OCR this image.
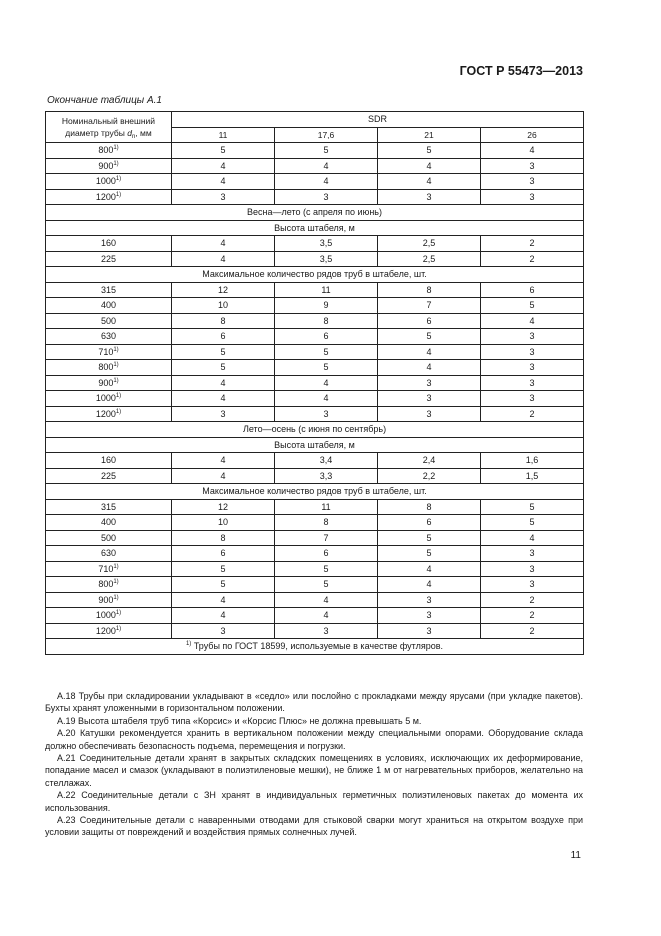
ГОСТ Р 55473—2013
Окончание таблицы А.1
Номинальный внешний
диаметр трубы $d_n$, мм	SDR			
	11	17,6	21	26
800$^{1)}$	5	5	5	4
900$^{1)}$	4	4	4	3
1000$^{1)}$	4	4	4	3
1200$^{1)}$	3	3	3	3
Весна—лето (с апреля по июнь)				
Высота штабеля, м				
160	4	3,5	2,5	2
225	4	3,5	2,5	2
Максимальное количество рядов труб в штабеле, шт.				
315	12	11	8	6
400	10	9	7	5
500	8	8	6	4
630	6	6	5	3
710$^{1)}$	5	5	4	3
800$^{1)}$	5	5	4	3
900$^{1)}$	4	4	3	3
1000$^{1)}$	4	4	3	3
1200$^{1)}$	3	3	3	2
Лето—осень (с июня по сентябрь)				
Высота штабеля, м				
160	4	3,4	2,4	1,6
225	4	3,3	2,2	1,5
Максимальное количество рядов труб в штабеле, шт.				
315	12	11	8	5
400	10	8	6	5
500	8	7	5	4
630	6	6	5	3
710$^{1)}$	5	5	4	3
800$^{1)}$	5	5	4	3
900$^{1)}$	4	4	3	2
1000$^{1)}$	4	4	3	2
1200$^{1)}$	3	3	3	2
$^{1)}$ Трубы по ГОСТ 18599, используемые в качестве футляров.				

А.18 Трубы при складировании укладывают в «седло» или послойно с прокладками между ярусами (при укладке пакетов). Бухты хранят уложенными в горизонтальном положении.

А.19 Высота штабеля труб типа «Корсис» и «Корсис Плюс» не должна превышать 5 м.

А.20 Катушки рекомендуется хранить в вертикальном положении между специальными опорами. Оборудование склада должно обеспечивать безопасность подъема, перемещения и погрузки.

А.21 Соединительные детали хранят в закрытых складских помещениях в условиях, исключающих их деформирование, попадание масел и смазок (укладывают в полиэтиленовые мешки), не ближе 1 м от нагревательных приборов, желательно на стеллажах.

А.22 Соединительные детали с ЗН хранят в индивидуальных герметичных полиэтиленовых пакетах до момента их использования.

А.23 Соединительные детали с наваренными отводами для стыковой сварки могут храниться на открытом воздухе при условии защиты от повреждений и воздействия прямых солнечных лучей.

11
